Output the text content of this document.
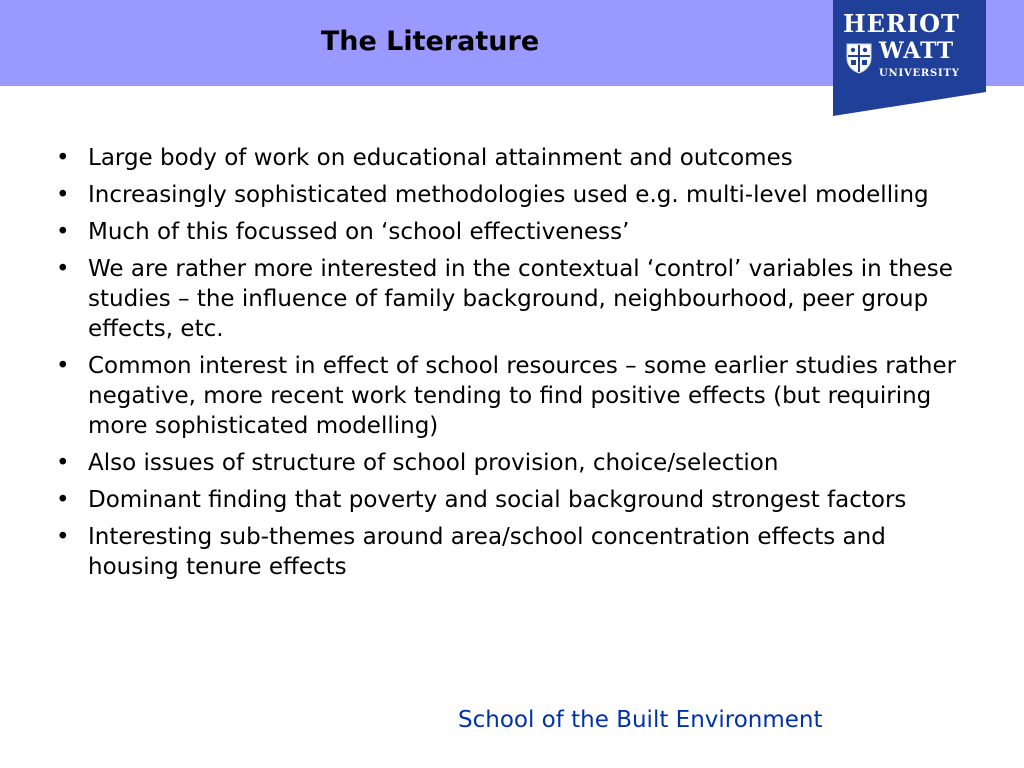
The Literature
HERIOT
WATT
UNIVERSITY
• Large body of work on educational attainment and outcomes
• Increasingly sophisticated methodologies used e.g. multi-level modelling
• Much of this focussed on ‘school effectiveness’
• We are rather more interested in the contextual ‘control’ variables in these studies – the influence of family background, neighbourhood, peer group effects, etc.
• Common interest in effect of school resources – some earlier studies rather negative, more recent work tending to find positive effects (but requiring more sophisticated modelling)
• Also issues of structure of school provision, choice/selection
• Dominant finding that poverty and social background strongest factors
• Interesting sub-themes around area/school concentration effects and housing tenure effects
School of the Built Environment
